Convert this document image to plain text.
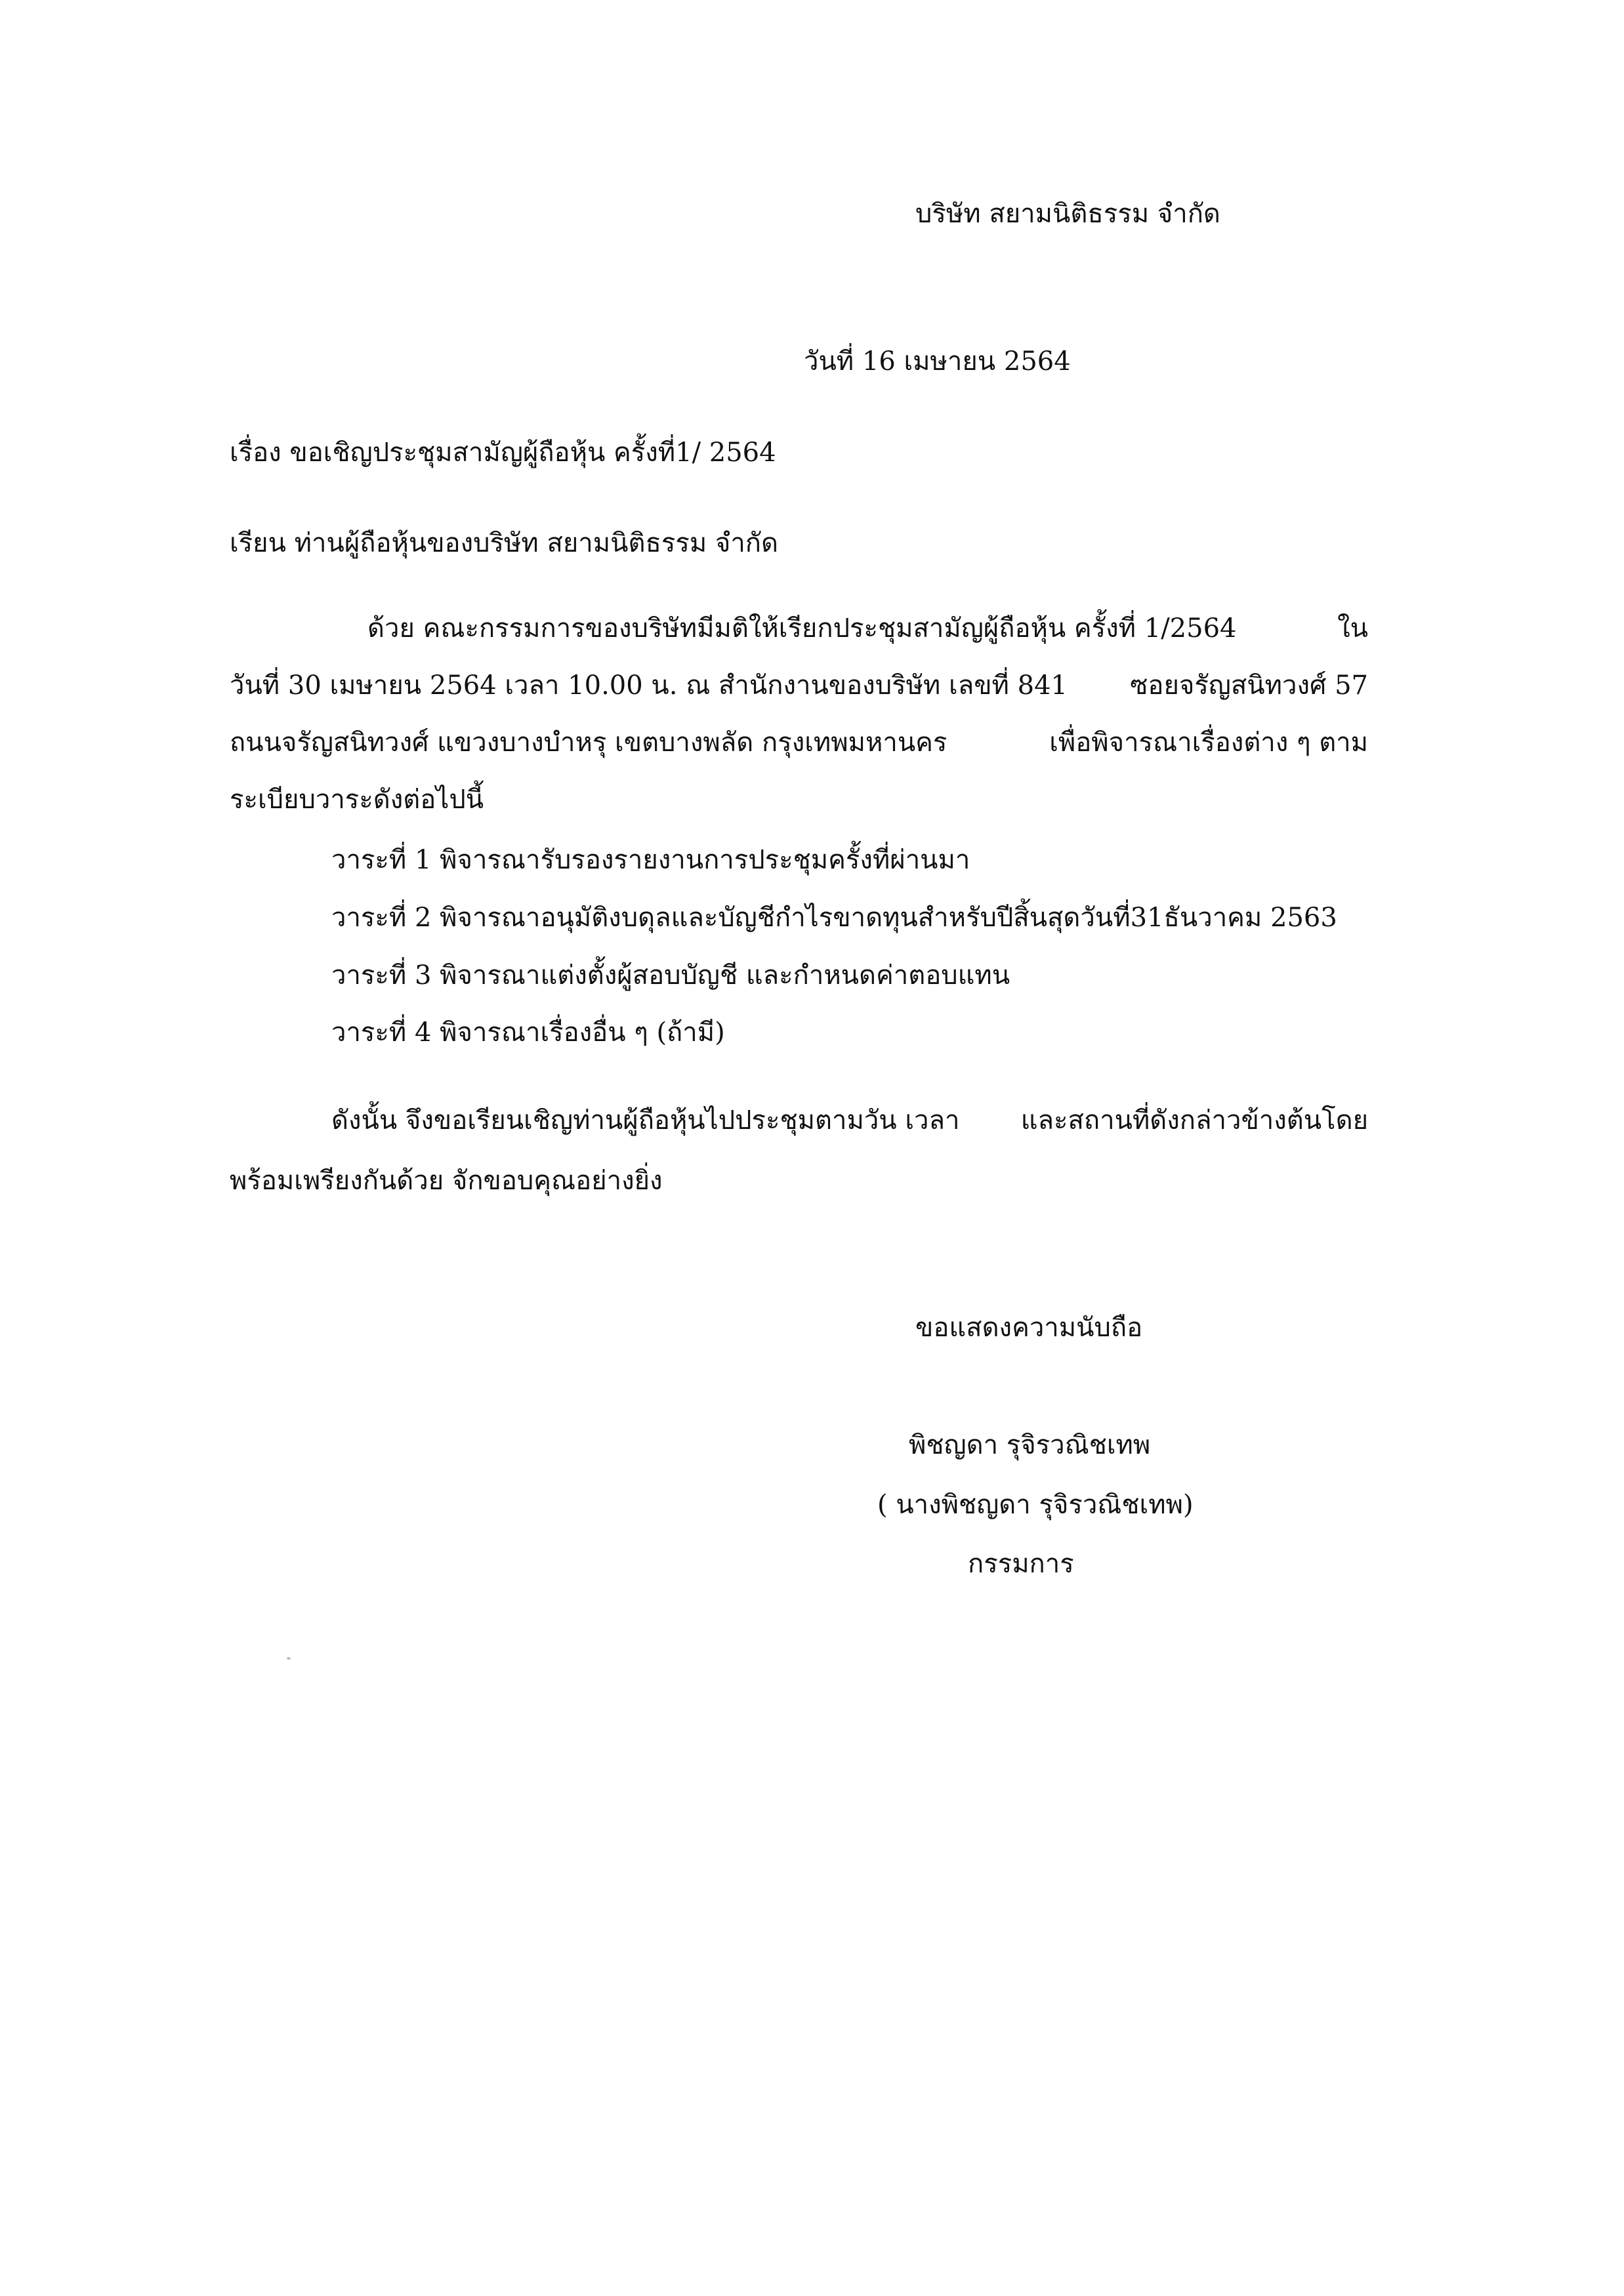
บริษัท สยามนิติธรรม จำกัด
วันที่ 16 เมษายน 2564
เรื่อง ขอเชิญประชุมสามัญผู้ถือหุ้น ครั้งที่1/ 2564
เรียน ท่านผู้ถือหุ้นของบริษัท สยามนิติธรรม จำกัด
ด้วย คณะกรรมการของบริษัทมีมติให้เรียกประชุมสามัญผู้ถือหุ้น ครั้งที่ 1/2564	ใน
วันที่ 30 เมษายน 2564 เวลา 10.00 น. ณ สำนักงานของบริษัท เลขที่ 841 ซอยจรัญสนิทวงศ์ 57
ถนนจรัญสนิทวงศ์ แขวงบางบำหรุ เขตบางพลัด กรุงเทพมหานคร	เพื่อพิจารณาเรื่องต่าง ๆ ตาม
ระเบียบวาระดังต่อไปนี้
วาระที่ 1 พิจารณารับรองรายงานการประชุมครั้งที่ผ่านมา
วาระที่ 2 พิจารณาอนุมัติงบดุลและบัญชีกำไรขาดทุนสำหรับปีสิ้นสุดวันที่31ธันวาคม 2563
วาระที่ 3 พิจารณาแต่งตั้งผู้สอบบัญชี และกำหนดค่าตอบแทน
วาระที่ 4 พิจารณาเรื่องอื่น ๆ (ถ้ามี)
ดังนั้น จึงขอเรียนเชิญท่านผู้ถือหุ้นไปประชุมตามวัน เวลา และสถานที่ดังกล่าวข้างต้นโดย
พร้อมเพรียงกันด้วย จักขอบคุณอย่างยิ่ง
ขอแสดงความนับถือ
พิชญดา รุจิรวณิชเทพ
( นางพิชญดา รุจิรวณิชเทพ)
กรรมการ
